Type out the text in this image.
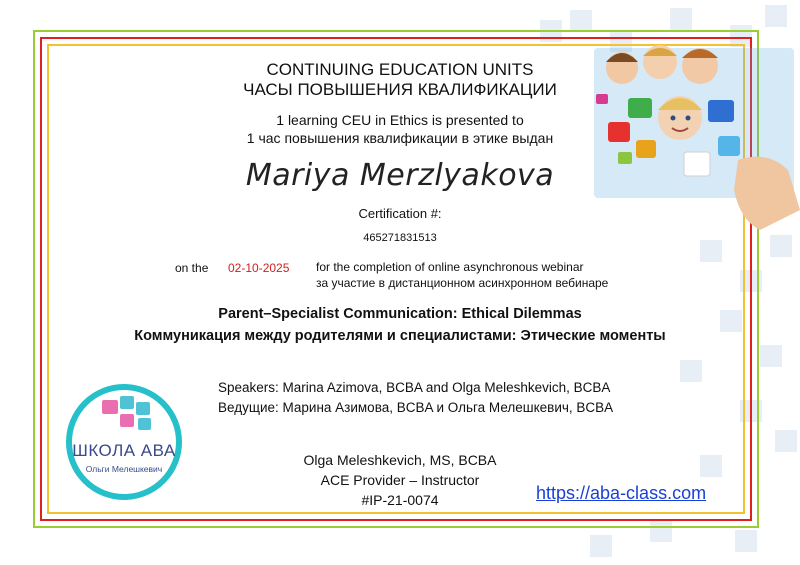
CONTINUING EDUCATION UNITS
ЧАСЫ ПОВЫШЕНИЯ КВАЛИФИКАЦИИ
1 learning CEU in Ethics is presented to
1 час повышения квалификации в этике выдан
Mariya Merzlyakova
Certification #:
465271831513
on the 02-10-2025 for the completion of online asynchronous webinar
за участие в дистанционном асинхронном вебинаре
Parent–Specialist Communication: Ethical Dilemmas
Коммуникация между родителями и специалистами: Этические моменты
Speakers: Marina Azimova, BCBA and Olga Meleshkevich, BCBA
Ведущие: Марина Азимова, BCBA и Ольга Мелешкевич, BCBA
Olga Meleshkevich, MS, BCBA
ACE Provider – Instructor
#IP-21-0074	https://aba-class.com
ШКОЛА АВА
Ольги Мелешкевич
